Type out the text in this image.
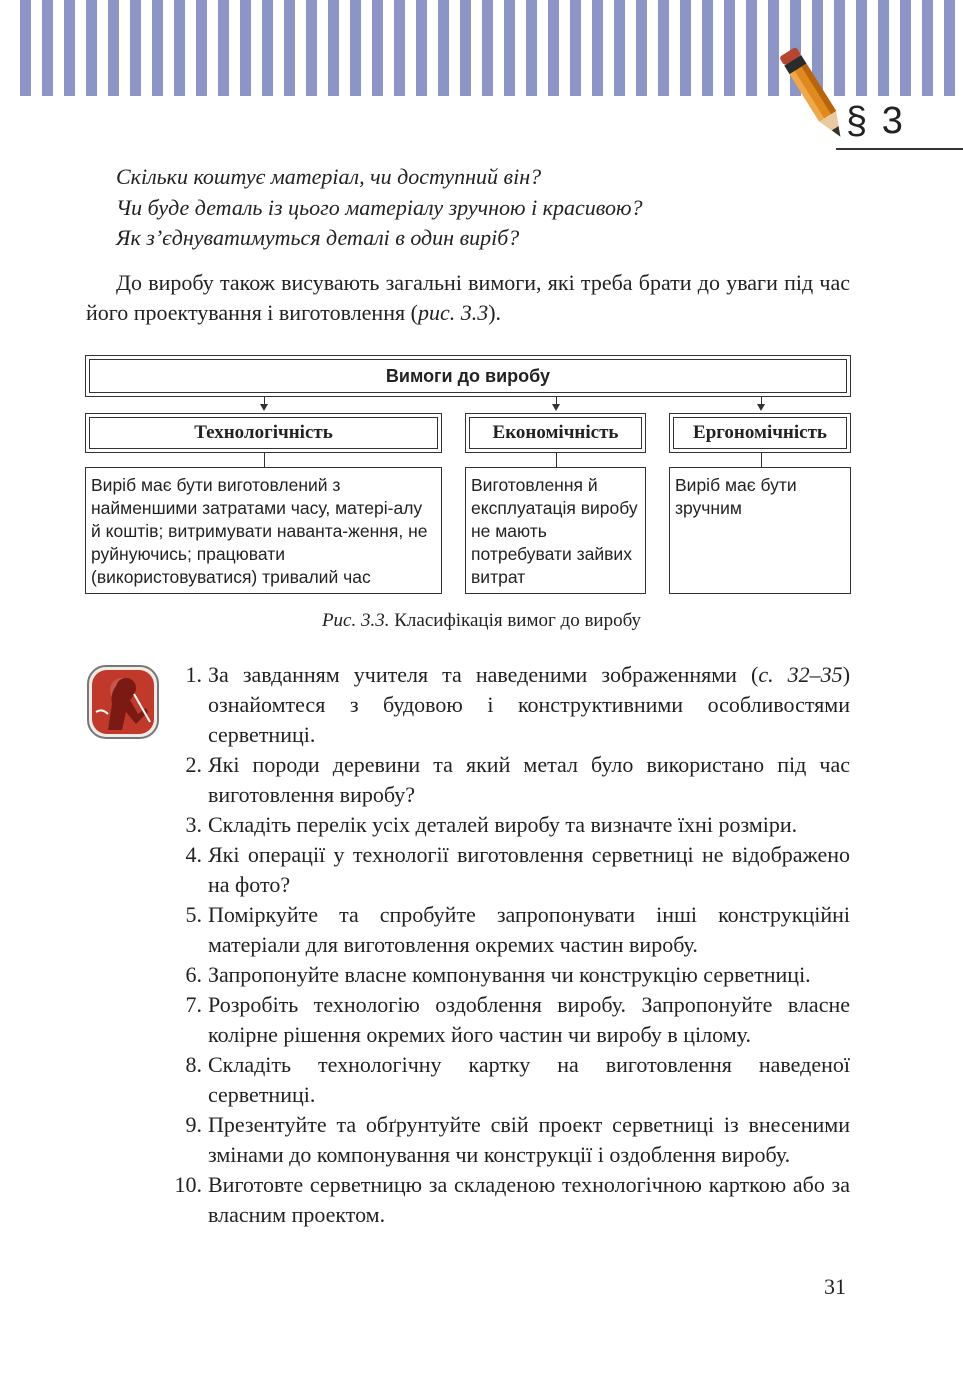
§ 3
Скільки коштує матеріал, чи доступний він?
Чи буде деталь із цього матеріалу зручною і красивою?
Як з’єднуватимуться деталі в один виріб?
До виробу також висувають загальні вимоги, які треба брати до уваги під час його проектування і виготовлення (рис. 3.3).
Вимоги до виробу
Технологічність	Економічність	Ергономічність
Виріб має бути виготовлений з найменшими затратами часу, матері-алу й коштів; витримувати наванта-ження, не руйнуючись; працювати (використовуватися) тривалий час
Виготовлення й експлуатація виробу не мають потребувати зайвих витрат
Виріб має бути зручним
Рис. 3.3. Класифікація вимог до виробу
1. За завданням учителя та наведеними зображеннями (с. 32–35) ознайомтеся з будовою і конструктивними особливостями серветниці.
2. Які породи деревини та який метал було використано під час виготовлення виробу?
3. Складіть перелік усіх деталей виробу та визначте їхні розміри.
4. Які операції у технології виготовлення серветниці не відображено на фото?
5. Поміркуйте та спробуйте запропонувати інші конструкційні матеріали для виготовлення окремих частин виробу.
6. Запропонуйте власне компонування чи конструкцію серветниці.
7. Розробіть технологію оздоблення виробу. Запропонуйте власне колірне рішення окремих його частин чи виробу в цілому.
8. Складіть технологічну картку на виготовлення наведеної серветниці.
9. Презентуйте та обґрунтуйте свій проект серветниці із внесеними змінами до компонування чи конструкції і оздоблення виробу.
10. Виготовте серветницю за складеною технологічною карткою або за власним проектом.
31
